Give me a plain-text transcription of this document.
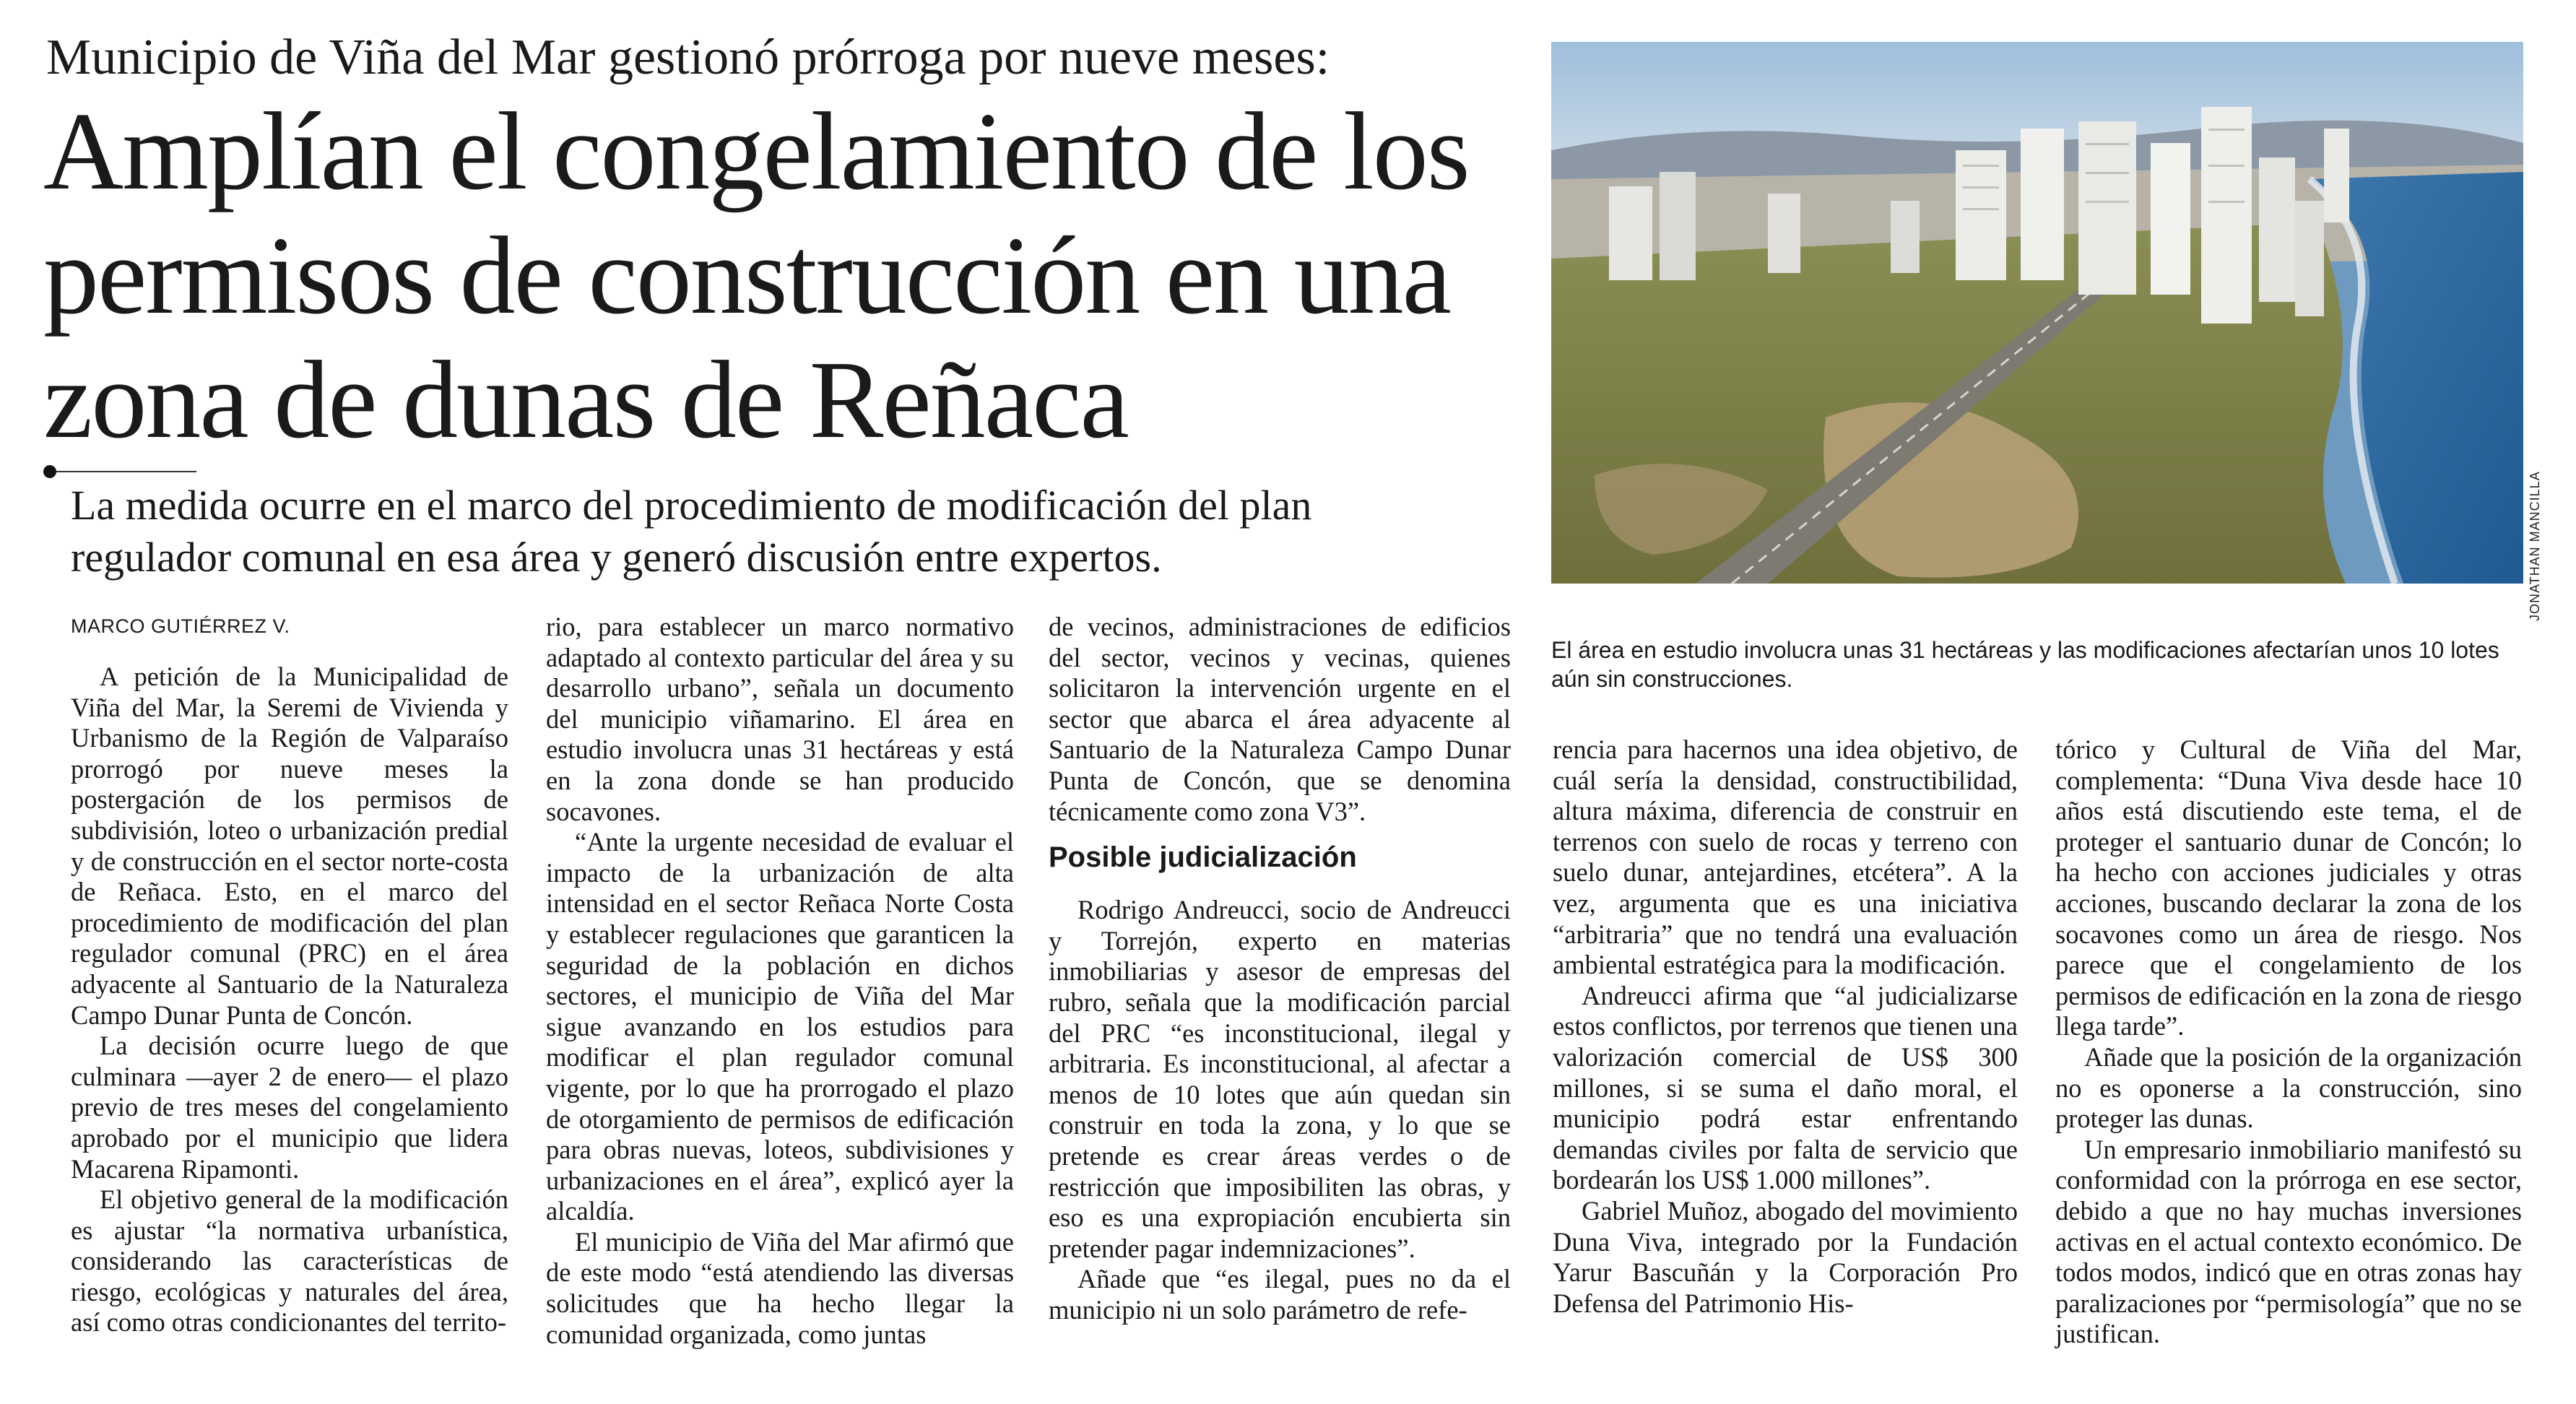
Municipio de Viña del Mar gestionó prórroga por nueve meses:
Amplían el congelamiento de los
permisos de construcción en una
zona de dunas de Reñaca
La medida ocurre en el marco del procedimiento de modificación del plan
regulador comunal en esa área y generó discusión entre expertos.
MARCO GUTIÉRREZ V.

A petición de la Municipalidad de Viña del Mar, la Seremi de Vivienda y Urbanismo de la Región de Valparaíso prorrogó por nueve meses la postergación de los permisos de subdivisión, loteo o urbanización predial y de construcción en el sector norte-costa de Reñaca. Esto, en el marco del procedimiento de modificación del plan regulador comunal (PRC) en el área adyacente al Santuario de la Naturaleza Campo Dunar Punta de Concón.

La decisión ocurre luego de que culminara —ayer 2 de enero— el plazo previo de tres meses del congelamiento aprobado por el municipio que lidera Macarena Ripamonti.

El objetivo general de la modificación es ajustar “la normativa urbanística, considerando las características de riesgo, ecológicas y naturales del área, así como otras condicionantes del territo-

rio, para establecer un marco normativo adaptado al contexto particular del área y su desarrollo urbano”, señala un documento del municipio viñamarino. El área en estudio involucra unas 31 hectáreas y está en la zona donde se han producido socavones.

“Ante la urgente necesidad de evaluar el impacto de la urbanización de alta intensidad en el sector Reñaca Norte Costa y establecer regulaciones que garanticen la seguridad de la población en dichos sectores, el municipio de Viña del Mar sigue avanzando en los estudios para modificar el plan regulador comunal vigente, por lo que ha prorrogado el plazo de otorgamiento de permisos de edificación para obras nuevas, loteos, subdivisiones y urbanizaciones en el área”, explicó ayer la alcaldía.

El municipio de Viña del Mar afirmó que de este modo “está atendiendo las diversas solicitudes que ha hecho llegar la comunidad organizada, como juntas

de vecinos, administraciones de edificios del sector, vecinos y vecinas, quienes solicitaron la intervención urgente en el sector que abarca el área adyacente al Santuario de la Naturaleza Campo Dunar Punta de Concón, que se denomina técnicamente como zona V3”.

Posible judicialización

Rodrigo Andreucci, socio de Andreucci y Torrejón, experto en materias inmobiliarias y asesor de empresas del rubro, señala que la modificación parcial del PRC “es inconstitucional, ilegal y arbitraria. Es inconstitucional, al afectar a menos de 10 lotes que aún quedan sin construir en toda la zona, y lo que se pretende es crear áreas verdes o de restricción que imposibiliten las obras, y eso es una expropiación encubierta sin pretender pagar indemnizaciones”.

Añade que “es ilegal, pues no da el municipio ni un solo parámetro de refe-

rencia para hacernos una idea objetivo, de cuál sería la densidad, constructibilidad, altura máxima, diferencia de construir en terrenos con suelo de rocas y terreno con suelo dunar, antejardines, etcétera”. A la vez, argumenta que es una iniciativa “arbitraria” que no tendrá una evaluación ambiental estratégica para la modificación.

Andreucci afirma que “al judicializarse estos conflictos, por terrenos que tienen una valorización comercial de US$ 300 millones, si se suma el daño moral, el municipio podrá estar enfrentando demandas civiles por falta de servicio que bordearán los US$ 1.000 millones”.

Gabriel Muñoz, abogado del movimiento Duna Viva, integrado por la Fundación Yarur Bascuñán y la Corporación Pro Defensa del Patrimonio His-

tórico y Cultural de Viña del Mar, complementa: “Duna Viva desde hace 10 años está discutiendo este tema, el de proteger el santuario dunar de Concón; lo ha hecho con acciones judiciales y otras acciones, buscando declarar la zona de los socavones como un área de riesgo. Nos parece que el congelamiento de los permisos de edificación en la zona de riesgo llega tarde”.

Añade que la posición de la organización no es oponerse a la construcción, sino proteger las dunas.

Un empresario inmobiliario manifestó su conformidad con la prórroga en ese sector, debido a que no hay muchas inversiones activas en el actual contexto económico. De todos modos, indicó que en otras zonas hay paralizaciones por “permisología” que no se justifican.

JONATHAN MANCILLA
El área en estudio involucra unas 31 hectáreas y las modificaciones afectarían unos 10 lotes aún sin construcciones.
